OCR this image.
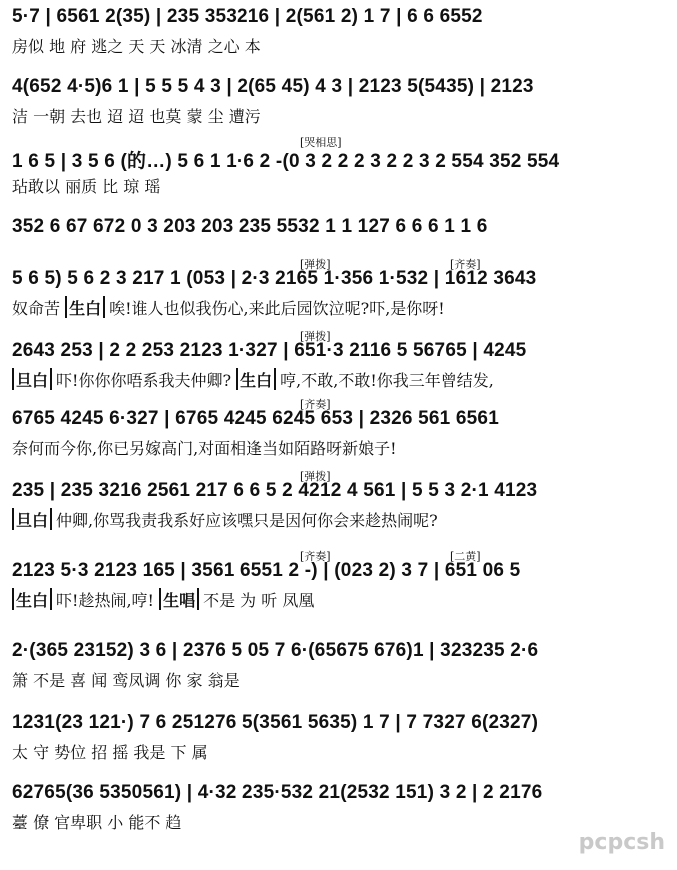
5·7 | 6561 2(35) | 235 353216 | 2(561 2) 1 7 | 6 6 6552
房似 地 府 逃之 天 天 冰清 之心 本
4(652 4·5)6 1 | 5 5 5 4 3 | 2(65 45) 4 3 | 2123 5(5435) | 2123
洁 一朝 去也 迢 迢 也莫 蒙 尘 遭污
1 6 5 | 3 5 6 (的…) 5 6 1 1·6 2 -(0 3 2 2 2 3 2 2 3 2 554 352 554
玷敢以 丽质 比 琼 瑶
[哭相思]
352 6 67 672 0 3 203 203 235 5532 1 1 127 6 6 6 1 1 6
5 6 5) 5 6 2 3 217 1 (053 | 2·3 2165 1·356 1·532 | 1612 3643
奴命苦 生白 唉!谁人也似我伤心,来此后园饮泣呢?吓,是你呀!
[弹拨]	[齐奏]
2643 253 | 2 2 253 2123 1·327 | 651·3 2116 5 56765 | 4245
旦白 吓!你你你唔系我夫仲卿? 生白 哼,不敢,不敢!你我三年曾结发,
[弹拨]
6765 4245 6·327 | 6765 4245 6245 653 | 2326 561 6561
奈何而今你,你已另嫁高门,对面相逢当如陌路呀新娘子!
[齐奏]
235 | 235 3216 2561 217 6 6 5 2 4212 4 561 | 5 5 3 2·1 4123
旦白 仲卿,你骂我责我系好应该嘿只是因何你会来趁热闹呢?
[弹拨]
2123 5·3 2123 165 | 3561 6551 2 -) | (023 2) 3 7 | 651 06 5
生白 吓!趁热闹,哼! 生唱 不是 为 听 凤凰
[齐奏]	[二黄]
2·(365 23152) 3 6 | 2376 5 05 7 6·(65675 676)1 | 323235 2·6
箫 不是 喜 闻 鸾凤调 你 家 翁是
1231(23 121·) 7 6 251276 5(3561 5635) 1 7 | 7 7327 6(2327)
太 守 势位 招 摇 我是 下 属
62765(36 5350561) | 4·32 235·532 21(2532 151) 3 2 | 2 2176
薹 僚 官卑职 小 能不 趋
pcpcsh
